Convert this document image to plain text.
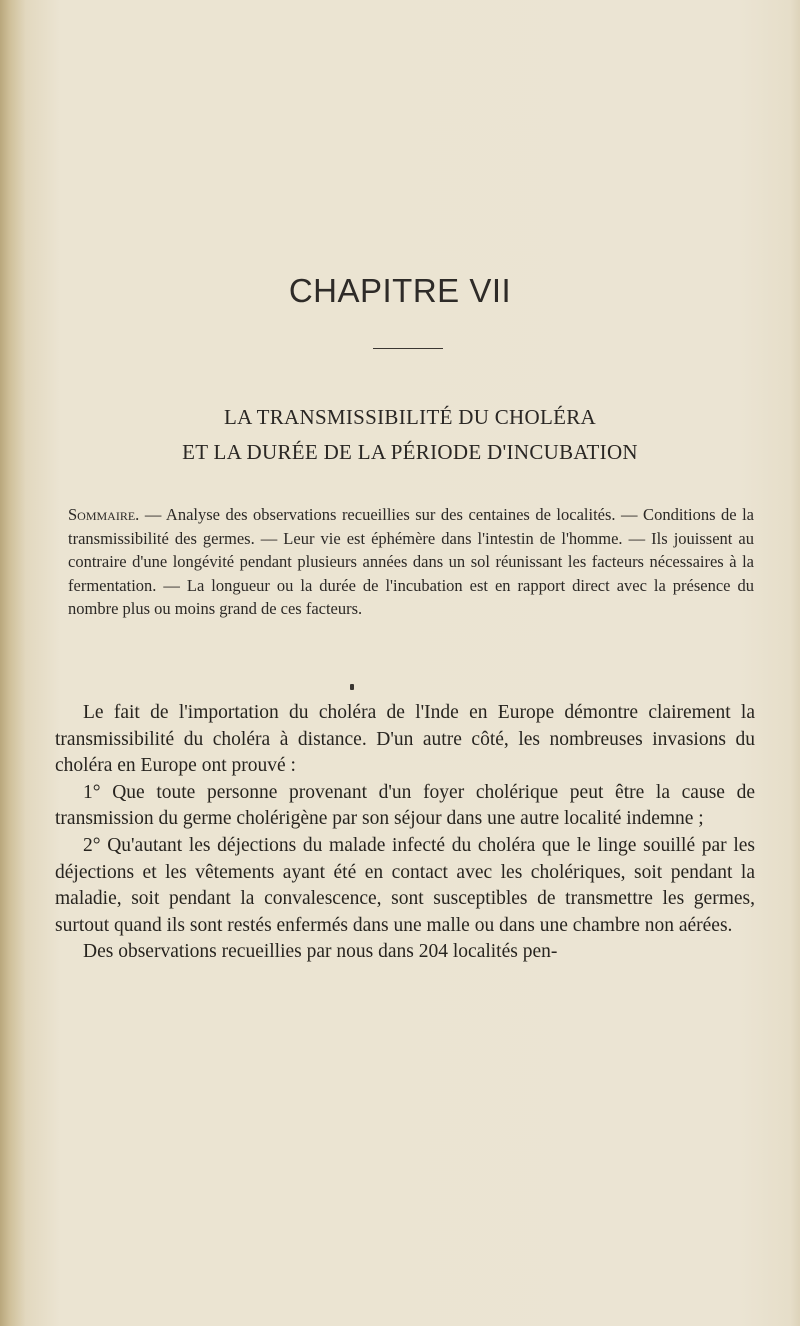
CHAPITRE VII
LA TRANSMISSIBILITÉ DU CHOLÉRA
ET LA DURÉE DE LA PÉRIODE D'INCUBATION
Sommaire. — Analyse des observations recueillies sur des centaines de localités. — Conditions de la transmissibilité des germes. — Leur vie est éphémère dans l'intestin de l'homme. — Ils jouissent au contraire d'une longévité pendant plusieurs années dans un sol réunissant les facteurs nécessaires à la fermentation. — La longueur ou la durée de l'incubation est en rapport direct avec la présence du nombre plus ou moins grand de ces facteurs.

Le fait de l'importation du choléra de l'Inde en Europe démontre clairement la transmissibilité du choléra à distance. D'un autre côté, les nombreuses invasions du choléra en Europe ont prouvé :

1° Que toute personne provenant d'un foyer cholérique peut être la cause de transmission du germe cholérigène par son séjour dans une autre localité indemne ;

2° Qu'autant les déjections du malade infecté du choléra que le linge souillé par les déjections et les vêtements ayant été en contact avec les cholériques, soit pendant la maladie, soit pendant la convalescence, sont susceptibles de transmettre les germes, surtout quand ils sont restés enfermés dans une malle ou dans une chambre non aérées.

Des observations recueillies par nous dans 204 localités pen-
